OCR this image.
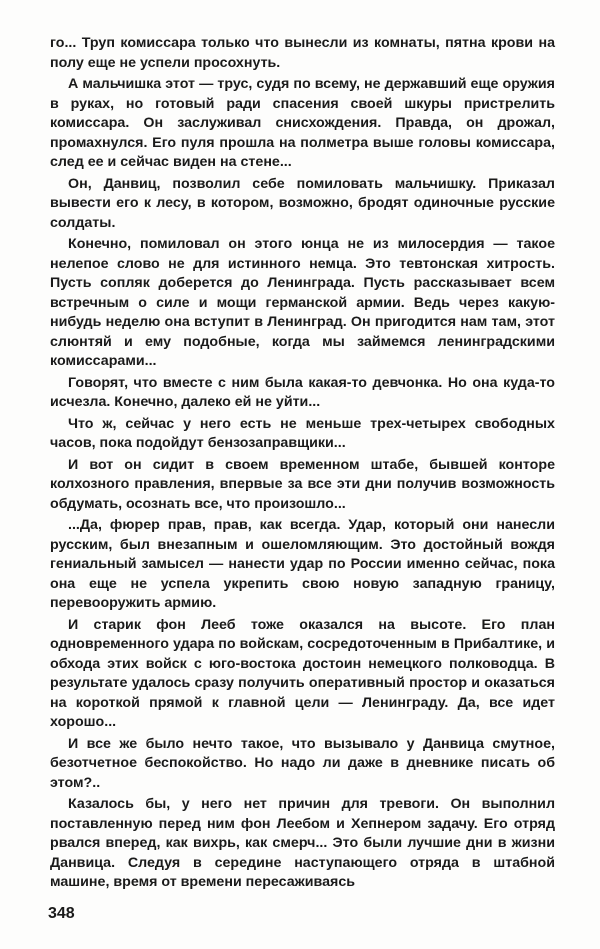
го... Труп комиссара только что вынесли из комнаты, пятна крови на полу еще не успели просохнуть.

А мальчишка этот — трус, судя по всему, не державший еще оружия в руках, но готовый ради спасения своей шкуры пристрелить комиссара. Он заслуживал снисхождения. Правда, он дрожал, промахнулся. Его пуля прошла на полметра выше головы комиссара, след ее и сейчас виден на стене...

Он, Данвиц, позволил себе помиловать мальчишку. Приказал вывести его к лесу, в котором, возможно, бродят одиночные русские солдаты.

Конечно, помиловал он этого юнца не из милосердия — такое нелепое слово не для истинного немца. Это тевтонская хитрость. Пусть сопляк доберется до Ленинграда. Пусть рассказывает всем встречным о силе и мощи германской армии. Ведь через какую-нибудь неделю она вступит в Ленинград. Он пригодится нам там, этот слюнтяй и ему подобные, когда мы займемся ленинградскими комиссарами...

Говорят, что вместе с ним была какая-то девчонка. Но она куда-то исчезла. Конечно, далеко ей не уйти...

Что ж, сейчас у него есть не меньше трех-четырех свободных часов, пока подойдут бензозаправщики...

И вот он сидит в своем временном штабе, бывшей конторе колхозного правления, впервые за все эти дни получив возможность обдумать, осознать все, что произошло...

...Да, фюрер прав, прав, как всегда. Удар, который они нанесли русским, был внезапным и ошеломляющим. Это достойный вождя гениальный замысел — нанести удар по России именно сейчас, пока она еще не успела укрепить свою новую западную границу, перевооружить армию.

И старик фон Лееб тоже оказался на высоте. Его план одновременного удара по войскам, сосредоточенным в Прибалтике, и обхода этих войск с юго-востока достоин немецкого полководца. В результате удалось сразу получить оперативный простор и оказаться на короткой прямой к главной цели — Ленинграду. Да, все идет хорошо...

И все же было нечто такое, что вызывало у Данвица смутное, безотчетное беспокойство. Но надо ли даже в дневнике писать об этом?..

Казалось бы, у него нет причин для тревоги. Он выполнил поставленную перед ним фон Леебом и Хепнером задачу. Его отряд рвался вперед, как вихрь, как смерч... Это были лучшие дни в жизни Данвица. Следуя в середине наступающего отряда в штабной машине, время от времени пересаживаясь

348
